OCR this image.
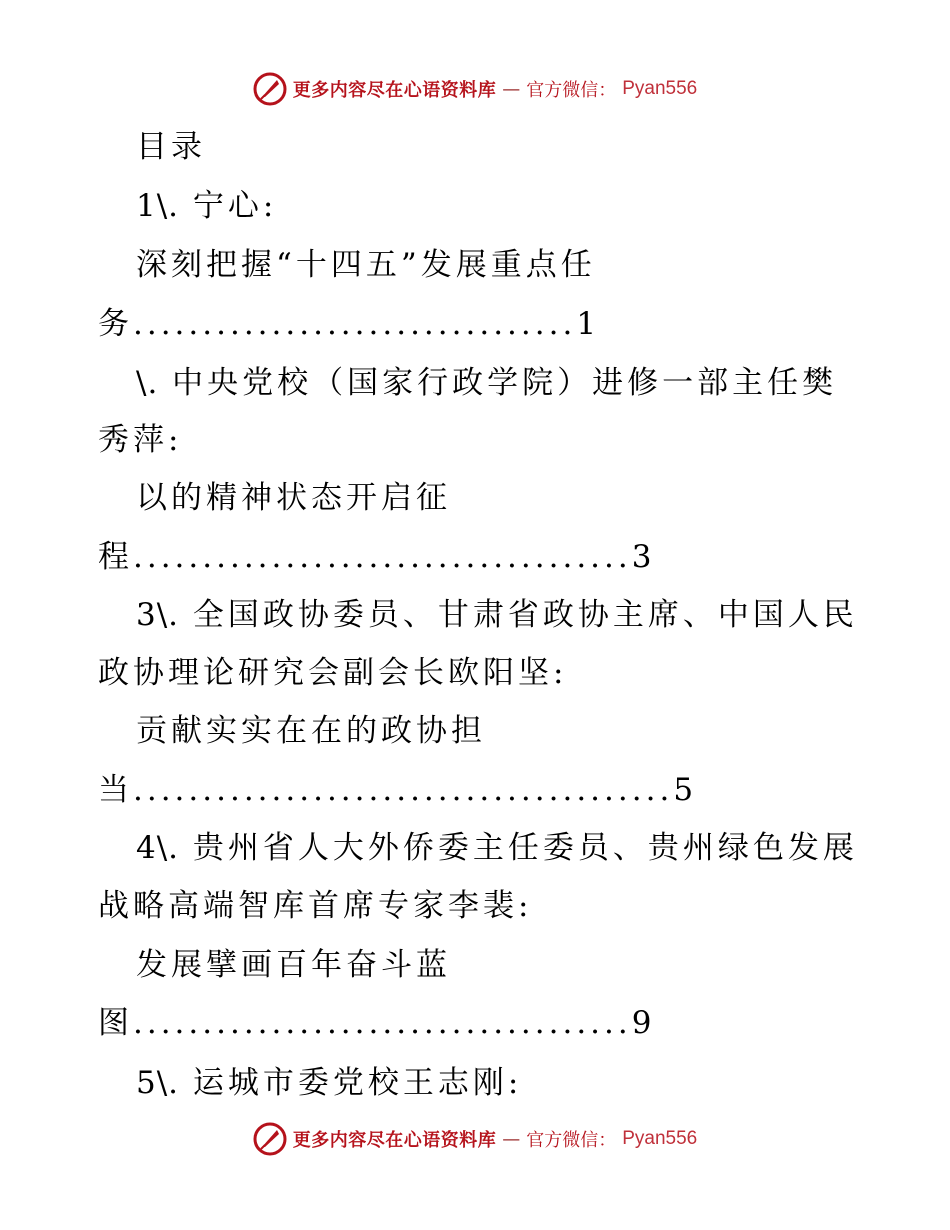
更多内容尽在心语资料库 — 官方微信： Pyan556
目录
1\. 宁心:
深刻把握“十四五”发展重点任
务................................1
\. 中央党校（国家行政学院）进修一部主任樊
秀萍:
以的精神状态开启征
程....................................3
3\. 全国政协委员、甘肃省政协主席、中国人民
政协理论研究会副会长欧阳坚:
贡献实实在在的政协担
当.......................................5
4\. 贵州省人大外侨委主任委员、贵州绿色发展
战略高端智库首席专家李裴:
发展擘画百年奋斗蓝
图....................................9
5\. 运城市委党校王志刚:
更多内容尽在心语资料库 — 官方微信： Pyan556
